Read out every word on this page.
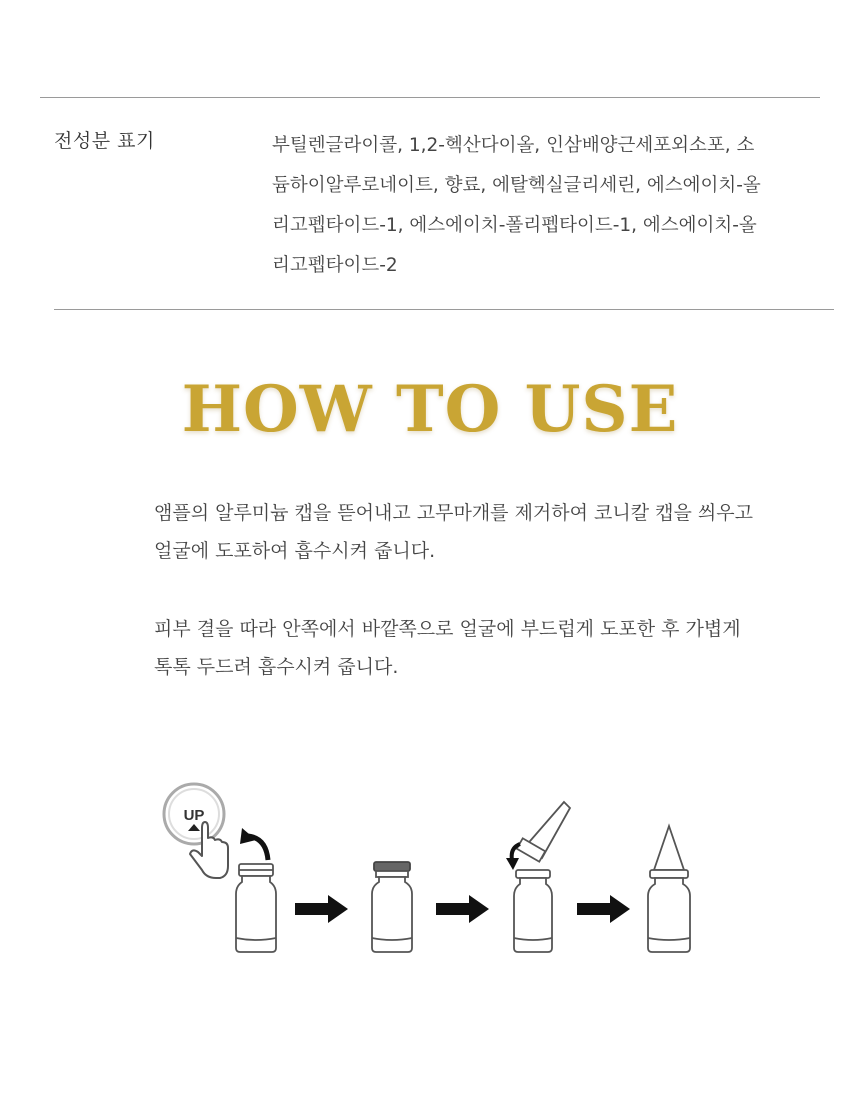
전성분 표기	부틸렌글라이콜, 1,2-헥산다이올, 인삼배양근세포외소포, 소듐하이알루로네이트, 향료, 에탈헥실글리세린, 에스에이치-올리고펩타이드-1, 에스에이치-폴리펩타이드-1, 에스에이치-올리고펩타이드-2
HOW TO USE
앰플의 알루미늄 캡을 뜯어내고 고무마개를 제거하여 코니칼 캡을 씌우고 얼굴에 도포하여 흡수시켜 줍니다.
피부 결을 따라 안쪽에서 바깥쪽으로 얼굴에 부드럽게 도포한 후 가볍게 톡톡 두드려 흡수시켜 줍니다.
UP
